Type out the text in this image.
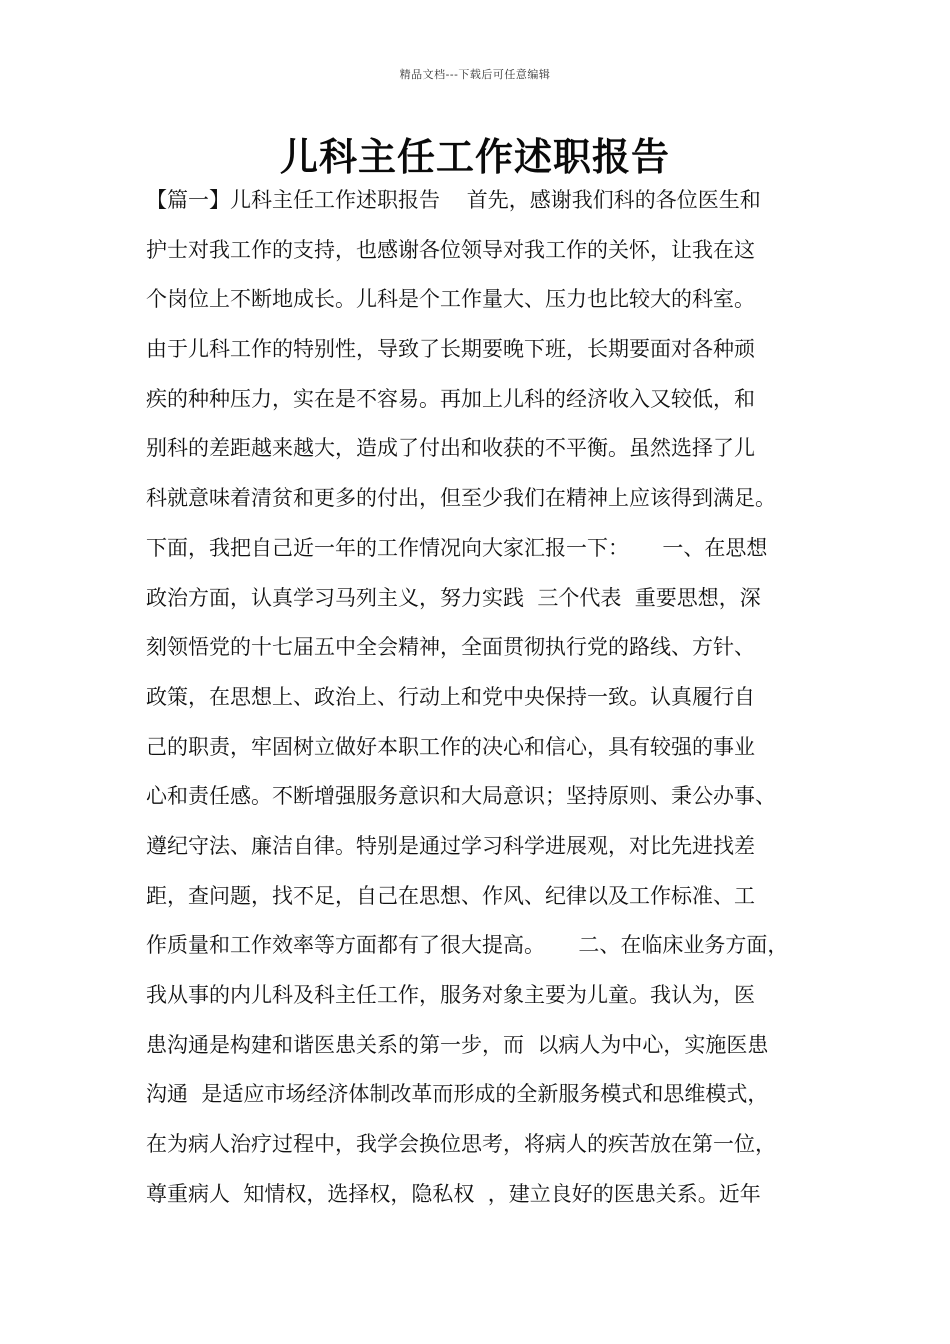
精品文档---下载后可任意编辑
儿科主任工作述职报告
【篇一】儿科主任工作述职报告    首先，感谢我们科的各位医生和
护士对我工作的支持，也感谢各位领导对我工作的关怀，让我在这
个岗位上不断地成长。儿科是个工作量大、压力也比较大的科室。
由于儿科工作的特别性，导致了长期要晚下班，长期要面对各种顽
疾的种种压力，实在是不容易。再加上儿科的经济收入又较低，和
别科的差距越来越大，造成了付出和收获的不平衡。虽然选择了儿
科就意味着清贫和更多的付出，但至少我们在精神上应该得到满足。
下面，我把自己近一年的工作情况向大家汇报一下：     一、在思想
政治方面，认真学习马列主义，努力实践  三个代表  重要思想，深
刻领悟党的十七届五中全会精神，全面贯彻执行党的路线、方针、
政策，在思想上、政治上、行动上和党中央保持一致。认真履行自
己的职责，牢固树立做好本职工作的决心和信心，具有较强的事业
心和责任感。不断增强服务意识和大局意识；坚持原则、秉公办事、
遵纪守法、廉洁自律。特别是通过学习科学进展观，对比先进找差
距，查问题，找不足，自己在思想、作风、纪律以及工作标准、工
作质量和工作效率等方面都有了很大提高。     二、在临床业务方面，
我从事的内儿科及科主任工作，服务对象主要为儿童。我认为，医
患沟通是构建和谐医患关系的第一步，而  以病人为中心，实施医患
沟通  是适应市场经济体制改革而形成的全新服务模式和思维模式，
在为病人治疗过程中，我学会换位思考，将病人的疾苦放在第一位，
尊重病人  知情权，选择权，隐私权  ，建立良好的医患关系。近年
